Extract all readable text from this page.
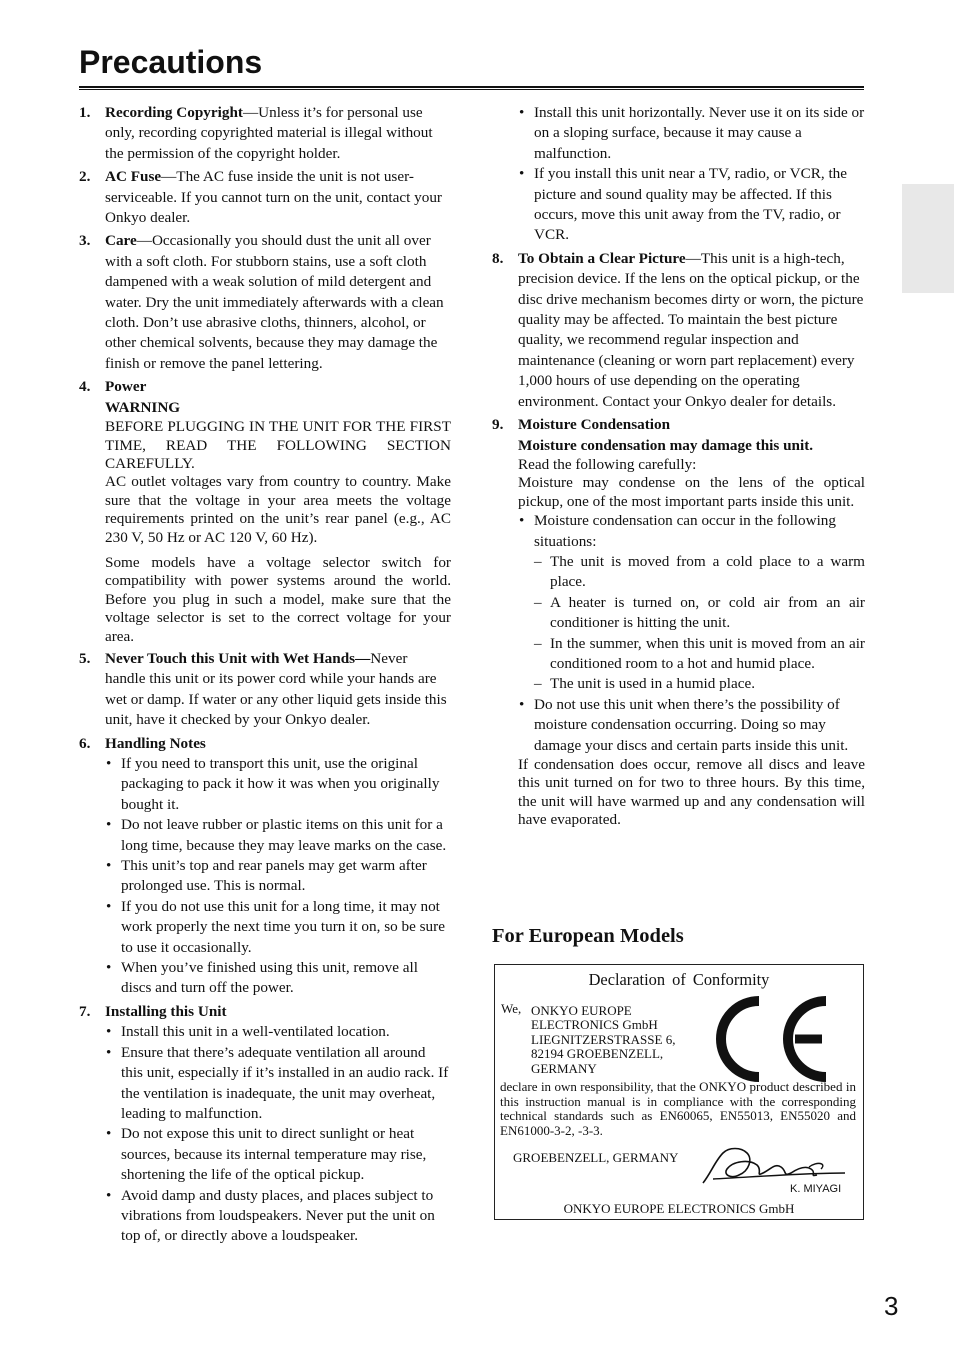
Precautions
1. Recording Copyright—Unless it’s for personal use only, recording copyrighted material is illegal without the permission of the copyright holder.

2. AC Fuse—The AC fuse inside the unit is not user-serviceable. If you cannot turn on the unit, contact your Onkyo dealer.

3. Care—Occasionally you should dust the unit all over with a soft cloth. For stubborn stains, use a soft cloth dampened with a weak solution of mild detergent and water. Dry the unit immediately afterwards with a clean cloth. Don’t use abrasive cloths, thinners, alcohol, or other chemical solvents, because they may damage the finish or remove the panel lettering.

4. Power

WARNING

BEFORE PLUGGING IN THE UNIT FOR THE FIRST TIME, READ THE FOLLOWING SECTION CAREFULLY.

AC outlet voltages vary from country to country. Make sure that the voltage in your area meets the voltage requirements printed on the unit’s rear panel (e.g., AC 230 V, 50 Hz or AC 120 V, 60 Hz).

Some models have a voltage selector switch for compatibility with power systems around the world. Before you plug in such a model, make sure that the voltage selector is set to the correct voltage for your area.

5. Never Touch this Unit with Wet Hands—Never handle this unit or its power cord while your hands are wet or damp. If water or any other liquid gets inside this unit, have it checked by your Onkyo dealer.

6. Handling Notes

• If you need to transport this unit, use the original packaging to pack it how it was when you originally bought it.
• Do not leave rubber or plastic items on this unit for a long time, because they may leave marks on the case.
• This unit’s top and rear panels may get warm after prolonged use. This is normal.
• If you do not use this unit for a long time, it may not work properly the next time you turn it on, so be sure to use it occasionally.
• When you’ve finished using this unit, remove all discs and turn off the power.
7. Installing this Unit

• Install this unit in a well-ventilated location.
• Ensure that there’s adequate ventilation all around this unit, especially if it’s installed in an audio rack. If the ventilation is inadequate, the unit may overheat, leading to malfunction.
• Do not expose this unit to direct sunlight or heat sources, because its internal temperature may rise, shortening the life of the optical pickup.
• Avoid damp and dusty places, and places subject to vibrations from loudspeakers. Never put the unit on top of, or directly above a loudspeaker.
• Install this unit horizontally. Never use it on its side or on a sloping surface, because it may cause a malfunction.
• If you install this unit near a TV, radio, or VCR, the picture and sound quality may be affected. If this occurs, move this unit away from the TV, radio, or VCR.
8. To Obtain a Clear Picture—This unit is a high-tech, precision device. If the lens on the optical pickup, or the disc drive mechanism becomes dirty or worn, the picture quality may be affected. To maintain the best picture quality, we recommend regular inspection and maintenance (cleaning or worn part replacement) every 1,000 hours of use depending on the operating environment. Contact your Onkyo dealer for details.

9. Moisture Condensation

Moisture condensation may damage this unit.

Read the following carefully:

Moisture may condense on the lens of the optical pickup, one of the most important parts inside this unit.

• Moisture condensation can occur in the following situations:
– The unit is moved from a cold place to a warm place.
– A heater is turned on, or cold air from an air conditioner is hitting the unit.
– In the summer, when this unit is moved from an air conditioned room to a hot and humid place.
– The unit is used in a humid place.
• Do not use this unit when there’s the possibility of moisture condensation occurring. Doing so may damage your discs and certain parts inside this unit.

If condensation does occur, remove all discs and leave this unit turned on for two to three hours. By this time, the unit will have warmed up and any condensation will have evaporated.

For European Models
Declaration of Conformity
We, ONKYO EUROPE
ELECTRONICS GmbH
LIEGNITZERSTRASSE 6,
82194 GROEBENZELL,
GERMANY
declare in own responsibility, that the ONKYO product described in this instruction manual is in compliance with the corresponding technical standards such as EN60065, EN55013, EN55020 and EN61000-3-2, -3-3.
GROEBENZELL, GERMANY
K. MIYAGI
ONKYO EUROPE ELECTRONICS GmbH
3
